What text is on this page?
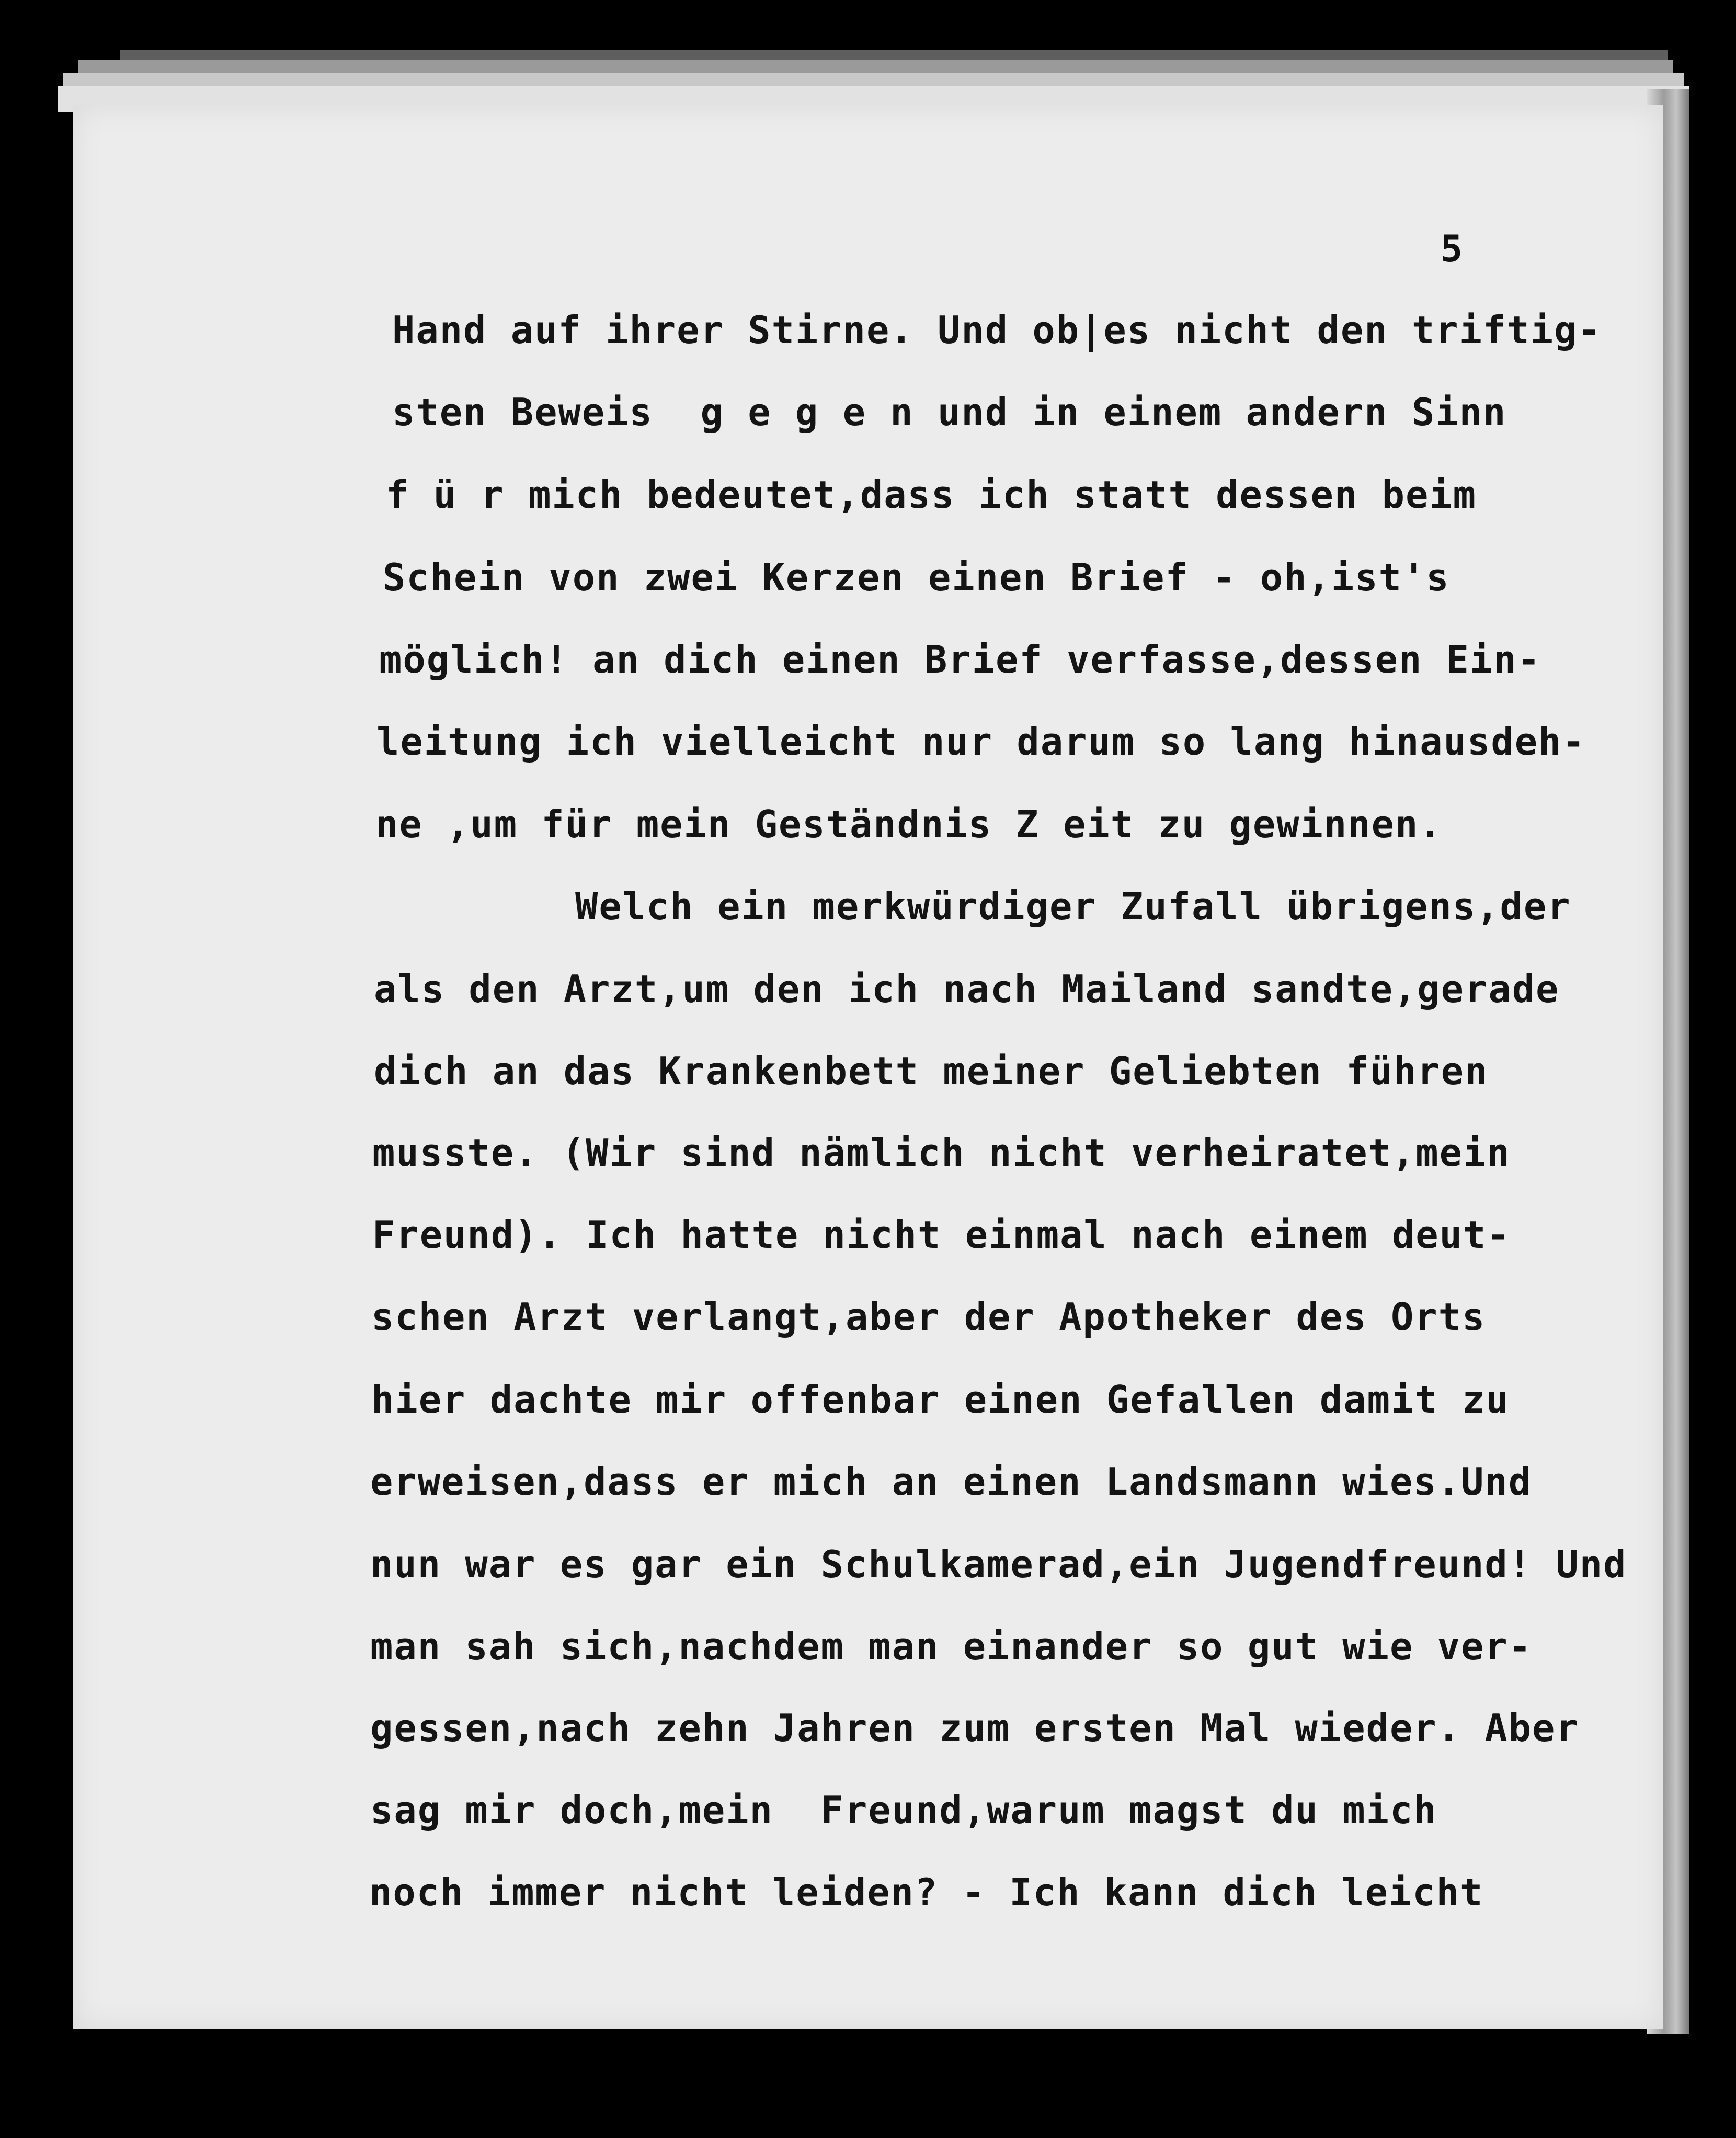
5
Hand auf ihrer Stirne. Und ob|es nicht den triftig-
sten Beweis  g e g e n und in einem andern Sinn
f ü r mich bedeutet,dass ich statt dessen beim
Schein von zwei Kerzen einen Brief - oh,ist's
möglich! an dich einen Brief verfasse,dessen Ein-
leitung ich vielleicht nur darum so lang hinausdeh-
ne ,um für mein Geständnis Z eit zu gewinnen.
Welch ein merkwürdiger Zufall übrigens,der
als den Arzt,um den ich nach Mailand sandte,gerade
dich an das Krankenbett meiner Geliebten führen
musste. (Wir sind nämlich nicht verheiratet,mein
Freund). Ich hatte nicht einmal nach einem deut-
schen Arzt verlangt,aber der Apotheker des Orts
hier dachte mir offenbar einen Gefallen damit zu
erweisen,dass er mich an einen Landsmann wies.Und
nun war es gar ein Schulkamerad,ein Jugendfreund! Und
man sah sich,nachdem man einander so gut wie ver-
gessen,nach zehn Jahren zum ersten Mal wieder. Aber
sag mir doch,mein  Freund,warum magst du mich
noch immer nicht leiden? - Ich kann dich leicht
